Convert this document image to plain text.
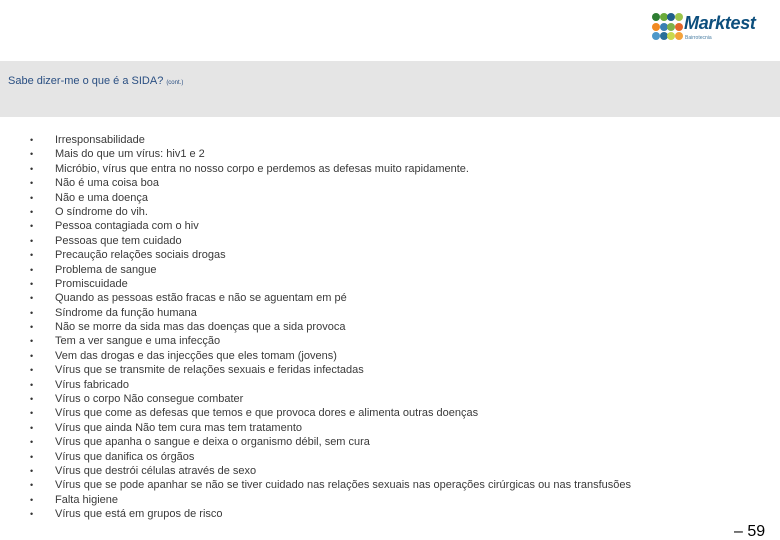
Marktest
Bairrotecnia
Sabe dizer-me o que é a SIDA? (cont.)
• Irresponsabilidade
• Mais do que um vírus: hiv1 e 2
• Micróbio, vírus que entra no nosso corpo e perdemos as defesas muito rapidamente.
• Não é uma coisa boa
• Não e uma doença
• O síndrome do vih.
• Pessoa contagiada com o hiv
• Pessoas que tem cuidado
• Precaução relações sociais drogas
• Problema de sangue
• Promiscuidade
• Quando as pessoas estão fracas e não se aguentam em pé
• Síndrome da função humana
• Não se morre da sida mas das doenças que a sida provoca
• Tem a ver sangue e uma infecção
• Vem das drogas e das injecções que eles tomam (jovens)
• Vírus que se transmite de relações sexuais e feridas infectadas
• Vírus fabricado
• Vírus o corpo Não consegue combater
• Vírus que come as defesas que temos e que provoca dores e alimenta outras doenças
• Vírus que ainda Não tem cura mas tem tratamento
• Vírus que apanha o sangue e deixa o organismo débil, sem cura
• Vírus que danifica os órgãos
• Vírus que destrói células através de sexo
• Vírus que se pode apanhar se não se tiver cuidado nas relações sexuais nas operações cirúrgicas ou nas transfusões
• Falta higiene
• Vírus que está em grupos de risco
– 59
